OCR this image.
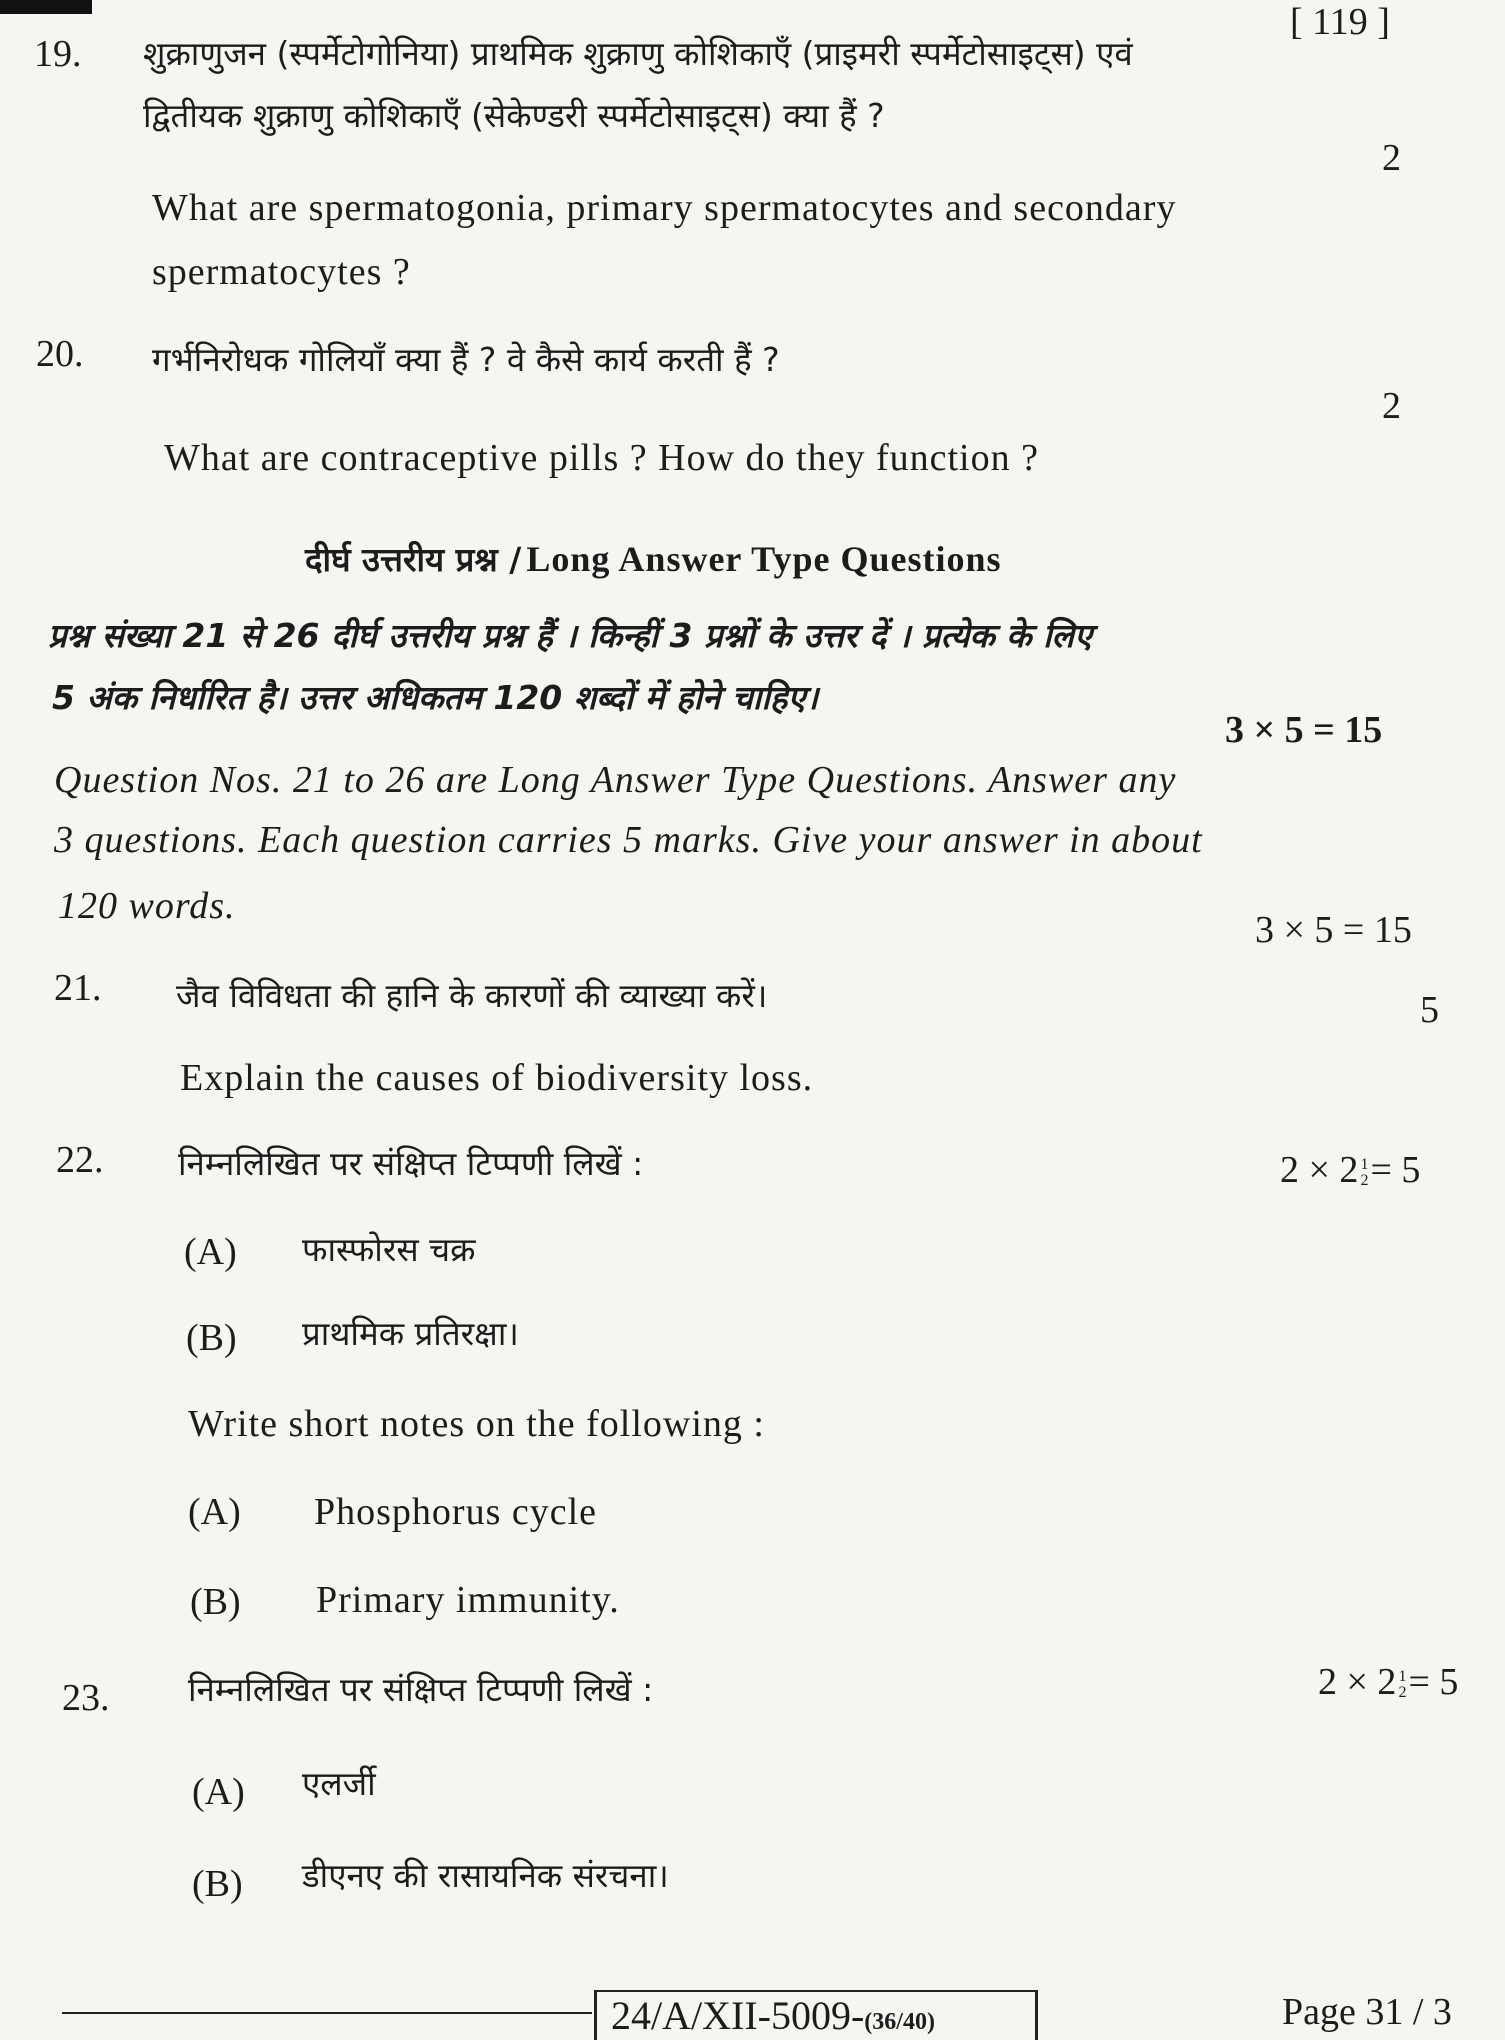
[ 119 ]
19. शुक्राणुजन (स्पर्मेटोगोनिया) प्राथमिक शुक्राणु कोशिकाएँ (प्राइमरी स्पर्मेटोसाइट्स) एवं
द्वितीयक शुक्राणु कोशिकाएँ (सेकेण्डरी स्पर्मेटोसाइट्स) क्या हैं ?
2
What are spermatogonia, primary spermatocytes and secondary
spermatocytes ?
20. गर्भनिरोधक गोलियाँ क्या हैं ? वे कैसे कार्य करती हैं ?
2
What are contraceptive pills ? How do they function ?
दीर्घ उत्तरीय प्रश्न / Long Answer Type Questions
प्रश्न संख्या 21 से 26 दीर्घ उत्तरीय प्रश्न हैं । किन्हीं 3 प्रश्नों के उत्तर दें । प्रत्येक के लिए
5 अंक निर्धारित है। उत्तर अधिकतम 120 शब्दों में होने चाहिए।
3 × 5 = 15
Question Nos. 21 to 26 are Long Answer Type Questions. Answer any
3 questions. Each question carries 5 marks. Give your answer in about
120 words.
3 × 5 = 15
21. जैव विविधता की हानि के कारणों की व्याख्या करें।	5
Explain the causes of biodiversity loss.
22. निम्नलिखित पर संक्षिप्त टिप्पणी लिखें :	2 × 2 1
2 = 5
(A) फास्फोरस चक्र
(B) प्राथमिक प्रतिरक्षा।
Write short notes on the following :
(A) Phosphorus cycle
(B) Primary immunity.
23. निम्नलिखित पर संक्षिप्त टिप्पणी लिखें :	2 × 2 1
2 = 5
(A) एलर्जी
(B) डीएनए की रासायनिक संरचना।
24/A/XII-5009-(36/40)	Page 31 / 3
